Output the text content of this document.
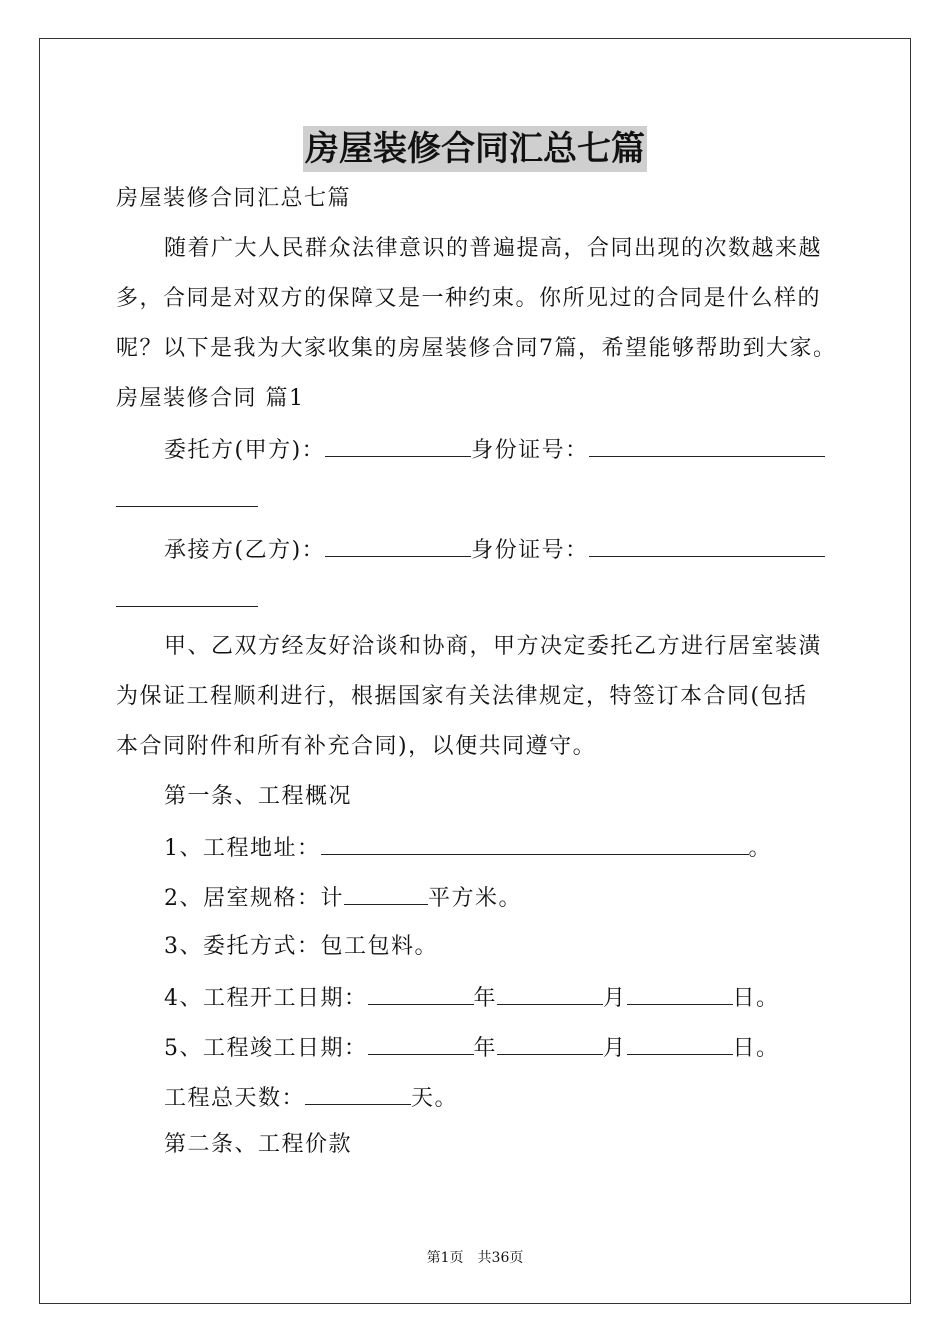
房屋装修合同汇总七篇
房屋装修合同汇总七篇
随着广大人民群众法律意识的普遍提高，合同出现的次数越来越
多，合同是对双方的保障又是一种约束。你所见过的合同是什么样的
呢？以下是我为大家收集的房屋装修合同7篇，希望能够帮助到大家。
房屋装修合同 篇1
委托方(甲方)：	身份证号：
承接方(乙方)：	身份证号：
甲、乙双方经友好洽谈和协商，甲方决定委托乙方进行居室装潢
为保证工程顺利进行，根据国家有关法律规定，特签订本合同(包括
本合同附件和所有补充合同)，以便共同遵守。
第一条、工程概况
1、工程地址：	。
2、居室规格：计	平方米。
3、委托方式：包工包料。
4、工程开工日期：	年	月	日。
5、工程竣工日期：	年	月	日。
工程总天数：	天。
第二条、工程价款
第1页　共36页
